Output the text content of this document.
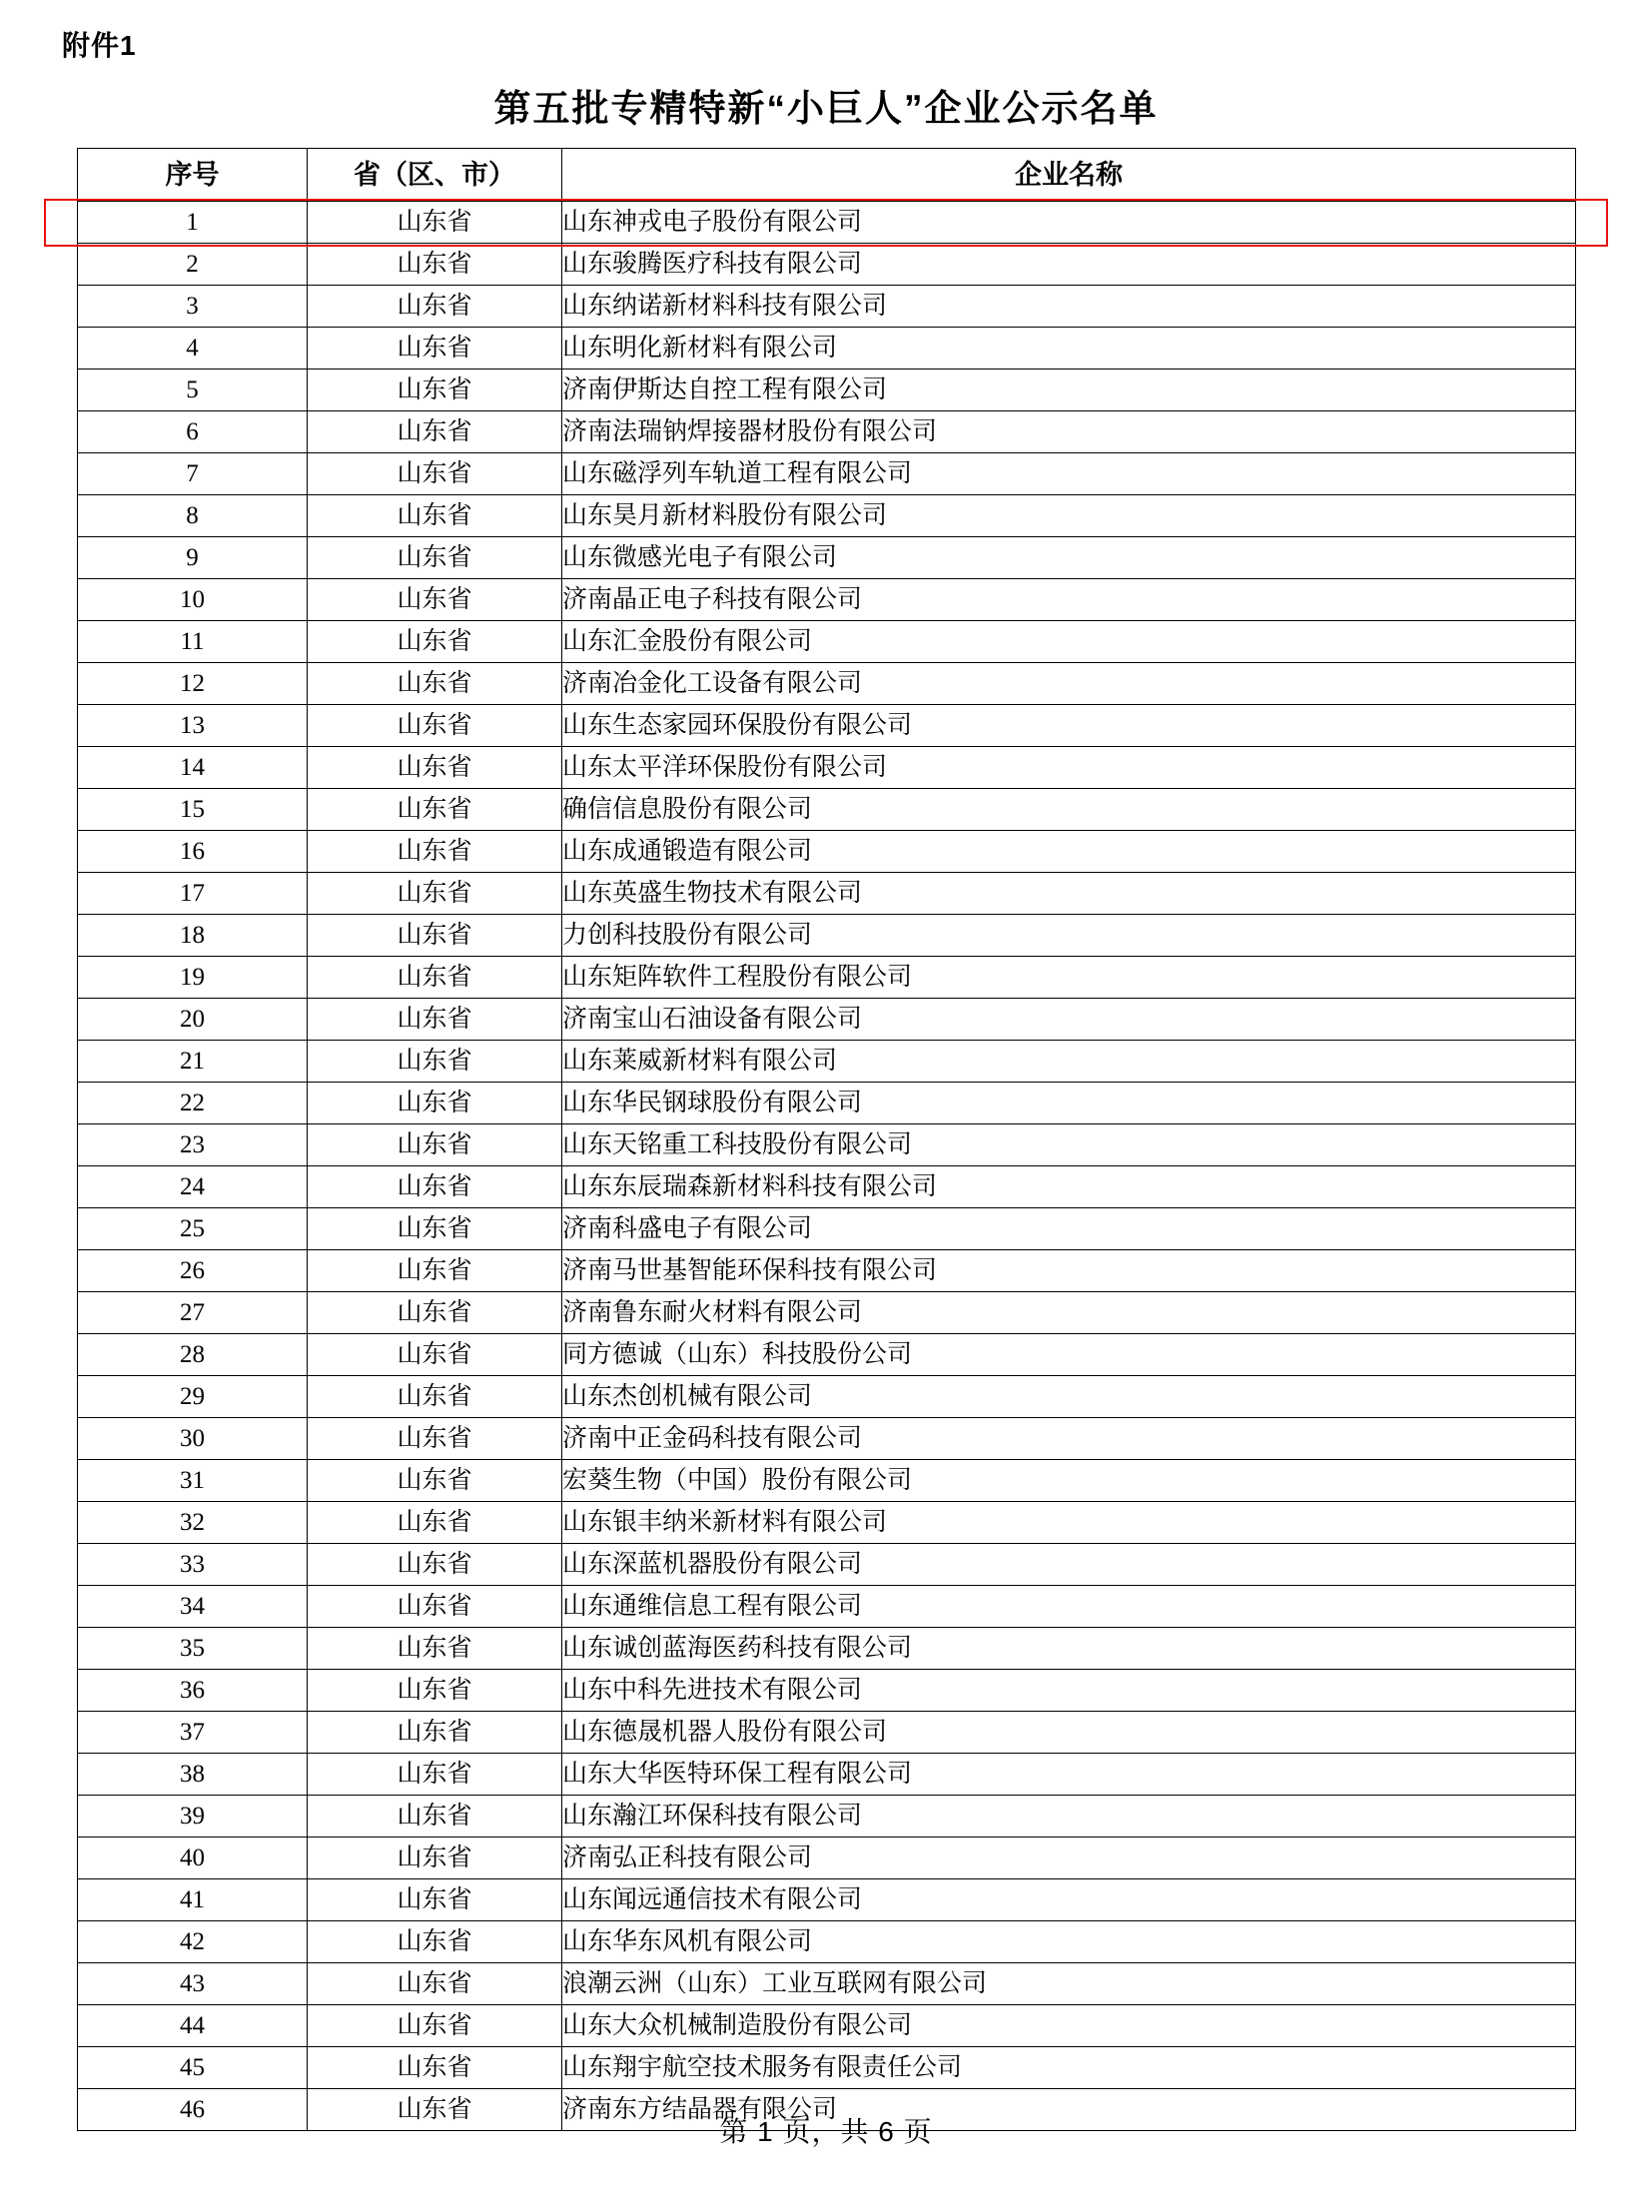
附件1
第五批专精特新“小巨人”企业公示名单
序号	省（区、市）	企业名称
1	山东省	山东神戎电子股份有限公司
2	山东省	山东骏腾医疗科技有限公司
3	山东省	山东纳诺新材料科技有限公司
4	山东省	山东明化新材料有限公司
5	山东省	济南伊斯达自控工程有限公司
6	山东省	济南法瑞钠焊接器材股份有限公司
7	山东省	山东磁浮列车轨道工程有限公司
8	山东省	山东昊月新材料股份有限公司
9	山东省	山东微感光电子有限公司
10	山东省	济南晶正电子科技有限公司
11	山东省	山东汇金股份有限公司
12	山东省	济南冶金化工设备有限公司
13	山东省	山东生态家园环保股份有限公司
14	山东省	山东太平洋环保股份有限公司
15	山东省	确信信息股份有限公司
16	山东省	山东成通锻造有限公司
17	山东省	山东英盛生物技术有限公司
18	山东省	力创科技股份有限公司
19	山东省	山东矩阵软件工程股份有限公司
20	山东省	济南宝山石油设备有限公司
21	山东省	山东莱威新材料有限公司
22	山东省	山东华民钢球股份有限公司
23	山东省	山东天铭重工科技股份有限公司
24	山东省	山东东辰瑞森新材料科技有限公司
25	山东省	济南科盛电子有限公司
26	山东省	济南马世基智能环保科技有限公司
27	山东省	济南鲁东耐火材料有限公司
28	山东省	同方德诚（山东）科技股份公司
29	山东省	山东杰创机械有限公司
30	山东省	济南中正金码科技有限公司
31	山东省	宏葵生物（中国）股份有限公司
32	山东省	山东银丰纳米新材料有限公司
33	山东省	山东深蓝机器股份有限公司
34	山东省	山东通维信息工程有限公司
35	山东省	山东诚创蓝海医药科技有限公司
36	山东省	山东中科先进技术有限公司
37	山东省	山东德晟机器人股份有限公司
38	山东省	山东大华医特环保工程有限公司
39	山东省	山东瀚江环保科技有限公司
40	山东省	济南弘正科技有限公司
41	山东省	山东闻远通信技术有限公司
42	山东省	山东华东风机有限公司
43	山东省	浪潮云洲（山东）工业互联网有限公司
44	山东省	山东大众机械制造股份有限公司
45	山东省	山东翔宇航空技术服务有限责任公司
46	山东省	济南东方结晶器有限公司
第 1 页，共 6 页
